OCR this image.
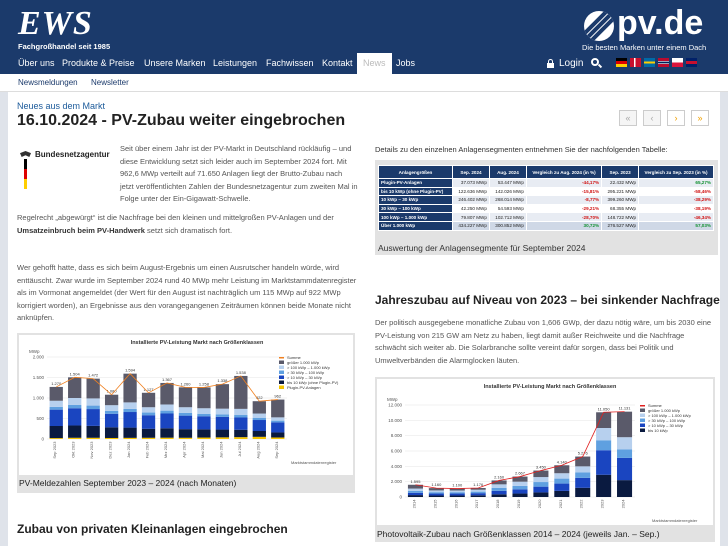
EWS
Fachgroßhandel seit 1985
pv.de
Die besten Marken unter einem Dach
Über uns Produkte & Preise Unsere Marken Leistungen Fachwissen Kontakt	News	Jobs	Login
Newsmeldungen Newsletter
Neues aus dem Markt
16.10.2024 - PV-Zubau weiter eingebrochen	«	‹	›	»
Bundesnetzagentur

Seit über einem Jahr ist der PV-Markt in Deutschland rückläufig – und diese Entwicklung setzt sich leider auch im September 2024 fort. Mit 962,6 MWp verteilt auf 71.650 Anlagen liegt der Brutto-Zubau nach jetzt veröffentlichten Zahlen der Bundesnetzagentur zum zweiten Mal in Folge unter der Ein-Gigawatt-Schwelle.

Regelrecht „abgewürgt“ ist die Nachfrage bei den kleinen und mittelgroßen PV-Anlagen und der Umsatzeinbruch beim PV-Handwerk setzt sich dramatisch fort.

Wer gehofft hatte, dass es sich beim August-Ergebnis um einen Ausrutscher handeln würde, wird enttäuscht. Zwar wurde im September 2024 rund 40 MWp mehr Leistung im Marktstammdatenregister als im Vormonat angemeldet (der Wert für den August ist nachträglich um 115 MWp auf 922 MWp korrigiert worden), an Ergebnisse aus den vorangegangenen Zeiträumen können beide Monate nicht anknüpfen.

Installierte PV-Leistung Markt nach Größenklassen
MWp
0
500
1.000
1.500
2.000
1.270
Sep 2023
1.504
Okt 2023
1.472
Nov 2023
1.080
Dez 2023
1.594
Jan 2024
1.127
Feb 2024
1.367
Mrz 2024
1.260
Apr 2024
1.258
Mai 2024
1.338
Jun 2024
1.538
Jul 2024
922
Aug 2024
962
Sep 2024
Summe
größer 1.000 kWp
> 100 kWp – 1.000 kWp
> 30 kWp – 100 kWp
> 10 kWp – 30 kWp
bis 10 kWp (ohne Plugin-PV)
Plugin-PV-Anlagen
Marktstammdatenregister
PV-Meldezahlen September 2023 – 2024 (nach Monaten)
Zubau von privaten Kleinanlagen eingebrochen

Details zu den einzelnen Anlagensegmenten entnehmen Sie der nachfolgenden Tabelle:

Anlagengrößen	Sep. 2024	Aug. 2024	Vergleich zu Aug. 2024 (in %)	Sep. 2023	Vergleich zu Sep. 2023 (in %)
Plugin-PV-Anlagen	37.073 MWp	53.447 MWp	-44,17%	22.432 MWp	65,27%
bis 10 kWp (ohne Plugin-PV)	122.636 MWp	142.026 MWp	-15,81%	295.221 MWp	-58,46%
10 kWp – 30 kWp	246.402 MWp	268.014 MWp	-8,77%	399.260 MWp	-38,29%
30 kWp – 100 kWp	42.250 MWp	54.593 MWp	-29,21%	68.355 MWp	-38,19%
100 kWp – 1.000 kWp	79.807 MWp	102.712 MWp	-28,70%	148.722 MWp	-46,34%
Über 1.000 kWp	434.227 MWp	300.852 MWp	30,72%	276.527 MWp	57,03%
Auswertung der Anlagensegmente für September 2024
Jahreszubau auf Niveau von 2023 – bei sinkender Nachfrage

Der politisch ausgegebene monatliche Zubau von 1,606 GWp, der dazu nötig wäre, um bis 2030 eine PV-Leistung von 215 GW am Netz zu haben, liegt damit außer Reichweite und die Nachfrage schwächt sich weiter ab. Die Solarbranche sollte vereint dafür sorgen, dass bei Politik und Umweltverbänden die Alarmglocken läuten.

Installierte PV-Leistung Markt nach Größenklassen
MWp
0
2.000
4.000
6.000
8.000
10.000
12.000
1.595
2014
1.160
2015
1.100
2016
1.176
2017
2.160
2018
2.667
2019
3.450
2020
4.140
2021
5.276
2022
11.050
2023
11.131
2024
Summe
größer 1.000 kWp
> 100 kWp – 1.000 kWp
> 30 kWp – 100 kWp
> 10 kWp – 30 kWp
bis 10 kWp
Marktstammdatenregister
Photovoltaik-Zubau nach Größenklassen 2014 – 2024 (jeweils Jan. – Sep.)
